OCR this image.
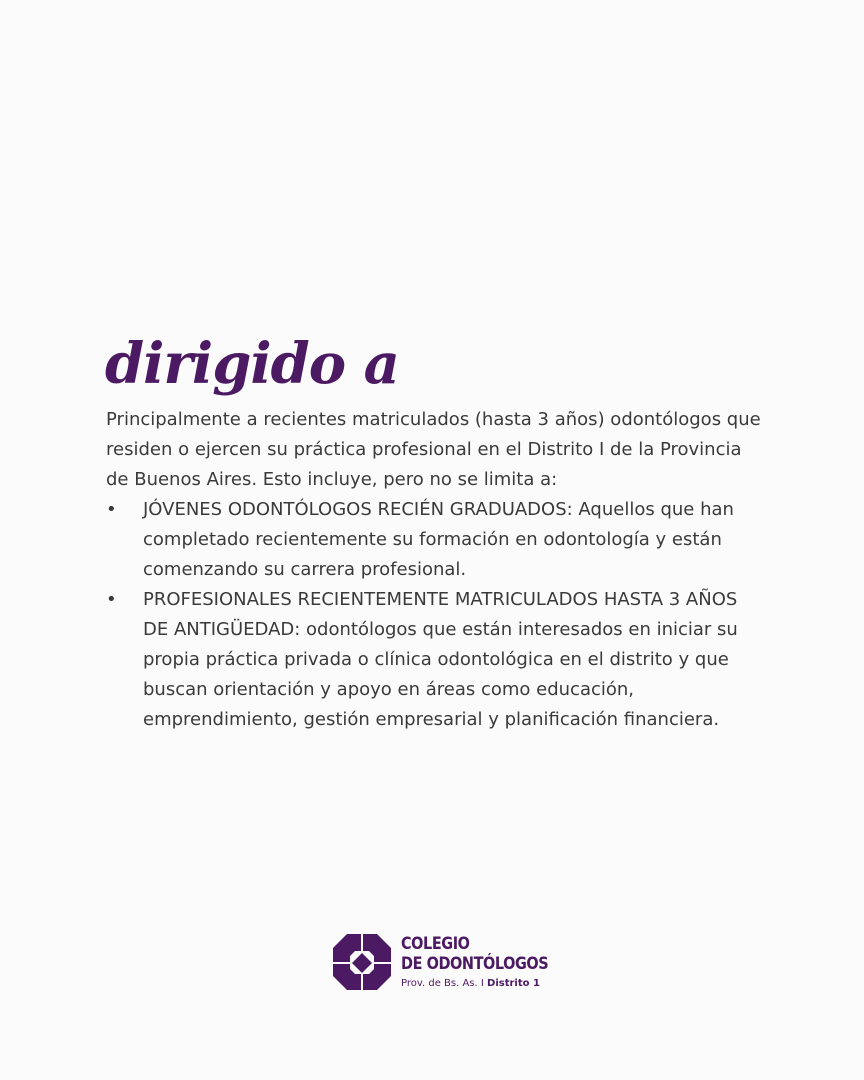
dirigido a

Principalmente a recientes matriculados (hasta 3 años) odontólogos que residen o ejercen su práctica profesional en el Distrito I de la Provincia de Buenos Aires. Esto incluye, pero no se limita a:

• JÓVENES ODONTÓLOGOS RECIÉN GRADUADOS: Aquellos que han completado recientemente su formación en odontología y están comenzando su carrera profesional.
• PROFESIONALES RECIENTEMENTE MATRICULADOS HASTA 3 AÑOS DE ANTIGÜEDAD: odontólogos que están interesados en iniciar su propia práctica privada o clínica odontológica en el distrito y que buscan orientación y apoyo en áreas como educación, emprendimiento, gestión empresarial y planificación financiera.
COLEGIO
DE ODONTÓLOGOS
Prov. de Bs. As. I Distrito 1
